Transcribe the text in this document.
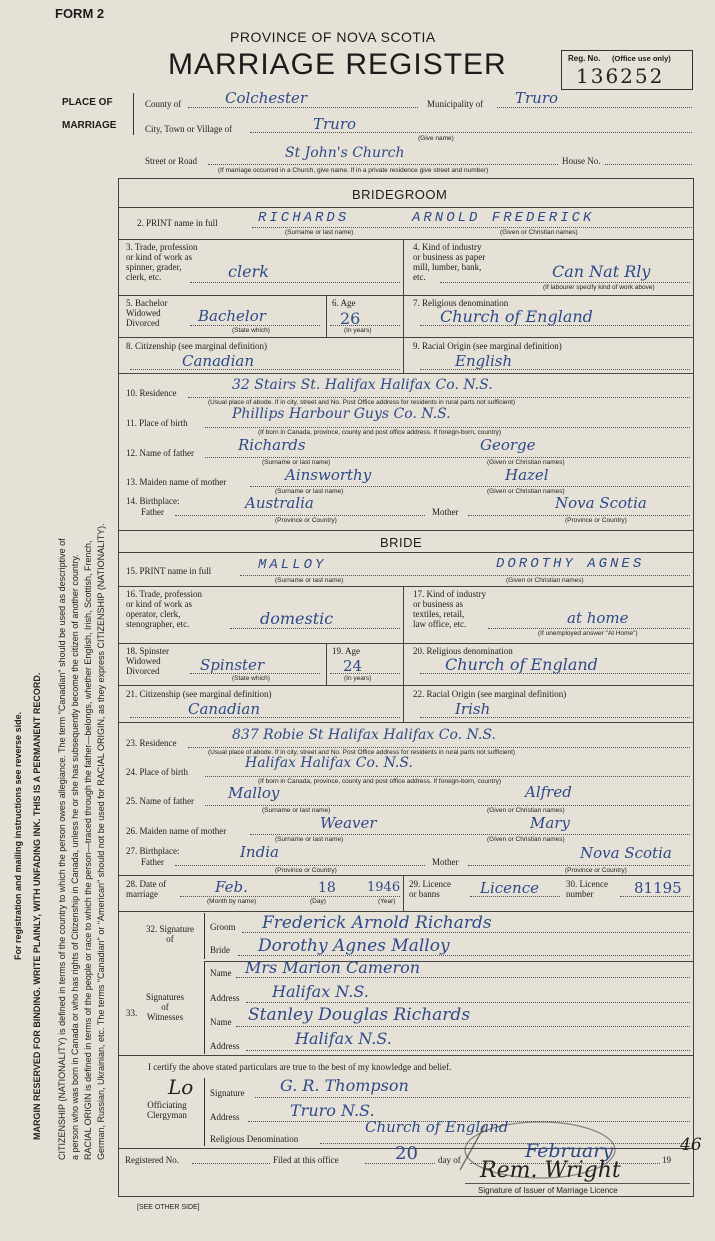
FORM 2
PROVINCE OF NOVA SCOTIA
MARRIAGE REGISTER	Reg. No. (Office use only)
136252
For registration and mailing instructions see reverse side. MARGIN RESERVED FOR BINDING. WRITE PLAINLY, WITH UNFADING INK. THIS IS A PERMANENT RECORD. CITIZENSHIP (NATIONALITY) is defined in terms of the country to which the person owes allegiance. The term "Canadian" should be used as descriptive of a person who was born in Canada or who has rights of Citizenship in Canada, unless he or she has subsequently become the citizen of another country. RACIAL ORIGIN is defined in terms of the people or race to which the person—traced through the father—belongs, whether English, Irish, Scottish, French, German, Russian, Ukrainian, etc. The terms "Canadian" or "American" should not be used for RACIAL ORIGIN, as they express CITIZENSHIP (NATIONALITY).
PLACE OF
MARRIAGE
County of	Colchester	Municipality of Truro
City, Town or Village of	Truro
(Give name)
Street or Road	St John's Church	House No.
(If marriage occurred in a Church, give name. If in a private residence give street and number)
BRIDEGROOM
2. PRINT name in full	RICHARDS	ARNOLD FREDERICK
(Surname or last name)	(Given or Christian names)
3. Trade, profession
or kind of work as
spinner, grader,
clerk, etc.	clerk
4. Kind of industry
or business as paper
mill, lumber, bank,
etc.	Can Nat Rly
(If labourer specify kind of work above)
5. Bachelor
Widowed
Divorced	Bachelor
(State which)
6. Age
26
(In years)
7. Religious denomination
Church of England
8. Citizenship (see marginal definition)
Canadian
9. Racial Origin (see marginal definition)
English
10. Residence	32 Stairs St. Halifax Halifax Co. N.S.
(Usual place of abode. If in city, street and No. Post Office address for residents in rural parts not sufficient)
11. Place of birth
Phillips Harbour Guys Co. N.S.
(If born in Canada, province, county and post office address. If foreign-born, country)
12. Name of father	Richards	George
(Surname or last name)	(Given or Christian names)
13. Maiden name of mother	Ainsworthy	Hazel
(Surname or last name)	(Given or Christian names)
14. Birthplace:
Father	Australia	Mother	Nova Scotia
(Province or Country)	(Province or Country)
BRIDE
15. PRINT name in full	MALLOY	DOROTHY AGNES
(Surname or last name)	(Given or Christian names)
16. Trade, profession
or kind of work as
operator, clerk,
stenographer, etc.	domestic
17. Kind of industry
or business as
textiles, retail,
law office, etc.	at home
(If unemployed answer "At Home")
18. Spinster
Widowed
Divorced	Spinster
(State which)
19. Age
24
(In years)
20. Religious denomination
Church of England
21. Citizenship (see marginal definition)
Canadian
22. Racial Origin (see marginal definition)
Irish
23. Residence	837 Robie St Halifax Halifax Co. N.S.
(Usual place of abode. If in city, street and No. Post Office address for residents in rural parts not sufficient)
24. Place of birth
Halifax Halifax Co. N.S.
(If born in Canada, province, county and post office address. If foreign-born, country)
25. Name of father Malloy	Alfred
(Surname or last name)	(Given or Christian names)
26. Maiden name of mother	Weaver	Mary
(Surname or last name)	(Given or Christian names)
27. Birthplace:
Father
India
Mother	Nova Scotia
(Province or Country)	(Province or Country)
28. Date of
marriage	Feb.	18 1946
(Month by name)	(Day)	(Year)
29. Licence
or banns	Licence	30. Licence
number	81195
32. Signature
of
Groom Frederick Arnold Richards
Bride Dorothy Agnes Malloy
33.
Signatures
of
Witnesses
Name Mrs Marion Cameron
Address Halifax N.S.
Name Stanley Douglas Richards
Address	Halifax N.S.
I certify the above stated particulars are true to the best of my knowledge and belief.
Lo
Officiating
Clergyman
Signature G. R. Thompson
Address	Truro N.S.
Religious Denomination
Church of England
Registered No.	Filed at this office	20 day of	February	19
46
Rem. Wright
Signature of Issuer of Marriage Licence
[SEE OTHER SIDE]
